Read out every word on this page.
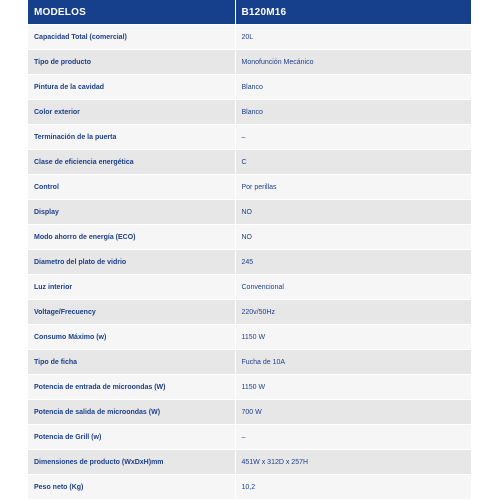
MODELOS	B120M16
Capacidad Total (comercial)	20L
Tipo de producto	Monofunción Mecánico
Pintura de la cavidad	Blanco
Color exterior	Blanco
Terminación de la puerta	–
Clase de eficiencia energética	C
Control	Por perillas
Display	NO
Modo ahorro de energía (ECO)	NO
Diametro del plato de vidrio	245
Luz interior	Convencional
Voltage/Frecuency	220v/50Hz
Consumo Máximo (w)	1150 W
Tipo de ficha	Fucha de 10A
Potencia de entrada de microondas (W)	1150 W
Potencia de salida de microondas (W)	700 W
Potencia de Grill (w)	–
Dimensiones de producto (WxDxH)mm	451W x 312D x 257H
Peso neto (Kg)	10,2
